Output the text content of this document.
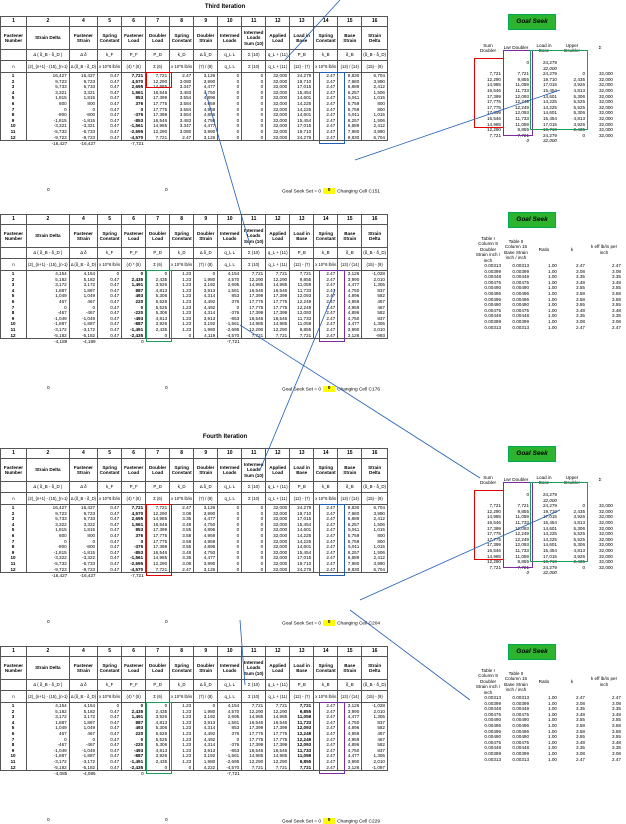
Third Iteration
1	2	4	5	6	7	8	9	10	11	12	13	14	15	16
Fastener Number	Strain Delta	Fastener Strain	Spring Constant	Fastener Load	Doubler Load	Spring Constant	Doubler Strain	Intermed Loads	Intermed Loads Sum (10)	Applied Load	Load in Base	Spring Constant	Base Strain	Strain Delta
	Δ ( δ_B - δ_D )	Δ δ	k_F	P_F	P_D	k_D	Δ δ_D	q_L L	Σ (10)	q_L + (11)	P_B	k_B	δ_B	(δ_B - δ_D)
n	(2)_{n+1} - (15)_{n-1}	Δ (δ_B - δ_D)	x 10^6 lb/in	(4) * (5)	Σ (6)	x 10^6 lb/in	(7) / (8)	q_L L	Σ (10)	q_L + (11)	(12) - (7)	x 10^6 lb/in	(13) / (14)	(15) - (9)
1	16,427	16,427	0.47	7,721	7,721	2.47	3,126	0	0	32,000	24,279	2.47	9,830	6,704
2	9,723	9,723	0.47	4,570	12,290	3.080	3,990	0	0	32,000	19,710	2.47	7,980	3,990
3	5,733	5,733	0.47	2,695	14,985	3.347	4,477	0	0	32,000	17,015	2.47	6,889	2,412
4	3,321	3,321	0.47	1,561	16,546	3.483	4,750	0	0	32,000	15,454	2.47	6,257	1,506
5	1,815	1,815	0.47	853	17,399	3.554	4,896	0	0	32,000	14,601	2.47	5,911	1,015
6	800	800	0.47	376	17,775	3.584	4,959	0	0	32,000	14,225	2.47	5,759	800
7	0	0	0.47	0	17,775	3.584	4,959	0	0	32,000	14,225	2.47	5,759	800
8	-800	-800	0.47	-376	17,399	3.554	4,896	0	0	32,000	14,601	2.47	5,911	1,015
9	-1,815	-1,815	0.47	-853	16,546	3.483	4,750	0	0	32,000	15,454	2.47	6,257	1,506
10	-3,321	-3,321	0.47	-1,561	14,985	3.347	4,477	0	0	32,000	17,015	2.47	6,889	2,412
11	-5,733	-5,733	0.47	-2,695	12,290	3.080	3,990	0	0	32,000	19,710	2.47	7,980	3,990
12	-9,723	-9,723	0.47	-4,570	7,721	2.47	3,126	0	0	32,000	24,279	2.47	9,830	6,704
	-16,427	-16,427		-7,721										
0	0	Goal Seek Set = 0 0 Changing Cell C151
Goal Seek
Sum Doubler	Lwr Doubler	Load in Base	Upper Doubler	Σ
	0	24,279		
		32,000		
7,721	7,721	24,279	0	32,000
12,290	9,855	19,710	2,435	32,000
14,985	11,059	17,015	3,926	32,000
16,546	11,733	15,454	4,813	32,000
17,399	12,093	14,601	5,306	32,000
17,775	12,249	14,225	5,525	32,000
17,775	12,249	14,225	5,525	32,000
17,399	12,093	14,601	5,306	32,000
16,546	11,733	15,454	4,813	32,000
14,985	11,059	17,015	3,926	32,000
12,290	9,855	19,710	2,435	32,000
7,721	7,721	24,279	0	32,000
	0	32,000		
1	2	4	5	6	7	8	9	10	11	12	13	14	15	16
Fastener Number	Strain Delta	Fastener Strain	Spring Constant	Fastener Load	Doubler Load	Spring Constant	Doubler Strain	Intermed Loads	Intermed Loads Sum (10)	Applied Load	Load in Base	Spring Constant	Base Strain	Strain Delta
	Δ ( δ_B - δ_D )	Δ δ	k_F	P_F	P_D	k_D	Δ δ_D	q_L L	Σ (10)	q_L + (11)	P_B	k_B	δ_B	(δ_B - δ_D)
n	(2)_{n+1} - (15)_{n-1}	Δ (δ_B - δ_D)	x 10^6 lb/in	(4) * (5)	Σ (6)	x 10^6 lb/in	(7) / (8)	q_L L	Σ (10)	q_L + (11)	(12) - (7)	x 10^6 lb/in	(13) / (14)	(15) - (9)
1	4,154	4,154	0	0	0	1.23	0	4,154	7,721	7,721	7,721	2.47	3,126	-1,028
2	5,182	5,182	0.47	2,435	2,435	1.23	1,980	4,570	12,290	12,290	9,855	2.47	3,990	2,010
3	3,172	3,172	0.47	1,491	3,926	1.23	3,192	2,695	14,985	14,985	11,059	2.47	4,477	1,305
4	1,887	1,887	0.47	887	4,813	1.23	3,913	1,561	16,546	16,546	11,733	2.47	4,750	837
5	1,049	1,049	0.47	493	5,306	1.23	4,314	853	17,399	17,399	12,093	2.47	4,896	582
6	467	467	0.47	220	5,525	1.23	4,492	376	17,775	17,775	12,249	2.47	4,959	467
7	0	0	0.47	0	5,525	1.23	4,492	0	17,775	17,775	12,249	2.47	4,959	467
8	-467	-467	0.47	-220	5,306	1.23	4,314	-376	17,399	17,399	12,093	2.47	4,896	582
9	-1,049	-1,049	0.47	-493	4,813	1.23	3,913	-853	16,546	16,546	11,733	2.47	4,750	837
10	-1,887	-1,887	0.47	-887	3,926	1.23	3,192	-1,561	14,985	14,985	11,059	2.47	4,477	1,305
11	-3,172	-3,172	0.47	-1,491	2,435	1.23	1,980	-2,695	12,290	12,290	9,855	2.47	3,990	2,010
12	-5,182	-5,182	0.47	-2,435	0	0	4,119	-4,570	7,721	7,721	7,721	2.47	3,126	-993
	-4,189	-4,189		0				-7,721						
0	0	Goal Seek Set = 0 0 Changing Cell C176
Goal Seek
Table I Column 9 Doubler Strain inch / inch	Table II Column 15 Base Strain inch / inch	Ratio	k	k eff lb/in per inch
0.00313	0.00313	1.00	2.47	2.47
0.00399	0.00399	1.00	3.08	3.08
0.00448	0.00448	1.00	3.35	3.35
0.00475	0.00475	1.00	3.48	3.48
0.00490	0.00490	1.00	3.55	3.55
0.00496	0.00496	1.00	3.58	3.58
0.00496	0.00496	1.00	3.58	3.58
0.00490	0.00490	1.00	3.55	3.55
0.00475	0.00475	1.00	3.48	3.48
0.00448	0.00448	1.00	3.35	3.35
0.00399	0.00399	1.00	3.08	3.08
0.00313	0.00313	1.00	2.47	2.47
Fourth Iteration
1	2	4	5	6	7	8	9	10	11	12	13	14	15	16
Fastener Number	Strain Delta	Fastener Strain	Spring Constant	Fastener Load	Doubler Load	Spring Constant	Doubler Strain	Intermed Loads	Intermed Loads Sum (10)	Applied Load	Load in Base	Spring Constant	Base Strain	Strain Delta
	Δ ( δ_B - δ_D )	Δ δ	k_F	P_F	P_D	k_D	Δ δ_D	q_L L	Σ (10)	q_L + (11)	P_B	k_B	δ_B	(δ_B - δ_D)
n	(2)_{n+1} - (15)_{n-1}	Δ (δ_B - δ_D)	x 10^6 lb/in	(4) * (5)	Σ (6)	x 10^6 lb/in	(7) / (8)	q_L L	Σ (10)	q_L + (11)	(12) - (7)	x 10^6 lb/in	(13) / (14)	(15) - (9)
1	16,427	16,427	0.47	7,721	7,721	2.47	3,126	0	0	32,000	24,279	2.47	9,830	6,704
2	9,723	9,723	0.47	4,570	12,290	3.08	3,990	0	0	32,000	19,710	2.47	7,980	3,990
3	5,733	5,733	0.47	2,695	14,985	3.35	4,477	0	0	32,000	17,015	2.47	6,889	2,412
4	3,322	3,322	0.47	1,561	16,546	3.48	4,750	0	0	32,000	15,454	2.47	6,257	1,506
5	1,815	1,815	0.47	853	17,399	3.55	4,896	0	0	32,000	14,601	2.47	5,911	1,015
6	800	800	0.47	376	17,775	3.58	4,959	0	0	32,000	14,225	2.47	5,759	800
7	0	0	0.47	0	17,775	3.58	4,959	0	0	32,000	14,225	2.47	5,759	800
8	-800	-800	0.47	-376	17,399	3.55	4,896	0	0	32,000	14,601	2.47	5,911	1,015
9	-1,815	-1,815	0.47	-853	16,546	3.48	4,750	0	0	32,000	15,454	2.47	6,257	1,506
10	-3,322	-3,322	0.47	-1,561	14,985	3.35	4,477	0	0	32,000	17,015	2.47	6,889	2,412
11	-5,733	-5,733	0.47	-2,695	12,290	3.08	3,990	0	0	32,000	19,710	2.47	7,980	3,990
12	-9,723	-9,723	0.47	-4,570	7,721	2.47	3,126	0	0	32,000	24,279	2.47	9,830	6,704
	-16,427	-16,427		-7,721										
0	0	Goal Seek Set = 0 0 Changing Cell C204
Goal Seek
Sum Doubler	Lwr Doubler	Load in Base	Upper Doubler	Σ
	0	24,279		
		32,000		
7,721	7,721	24,279	0	32,000
12,290	9,855	19,710	2,435	32,000
14,985	11,059	17,015	3,926	32,000
16,546	11,733	15,454	4,813	32,000
17,399	12,093	14,601	5,306	32,000
17,775	12,249	14,225	5,525	32,000
17,775	12,249	14,225	5,525	32,000
17,399	12,093	14,601	5,306	32,000
16,546	11,733	15,454	4,813	32,000
14,985	11,059	17,015	3,926	32,000
12,290	9,855	19,710	2,435	32,000
7,721	7,721	24,279	0	32,000
	0	32,000		
1	2	4	5	6	7	8	9	10	11	12	13	14	15	16
Fastener Number	Strain Delta	Fastener Strain	Spring Constant	Fastener Load	Doubler Load	Spring Constant	Doubler Strain	Intermed Loads	Intermed Loads Sum (10)	Applied Load	Load in Base	Spring Constant	Base Strain	Strain Delta
	Δ ( δ_B - δ_D )	Δ δ	k_F	P_F	P_D	k_D	Δ δ_D	q_L L	Σ (10)	q_L + (11)	P_B	k_B	δ_B	(δ_B - δ_D)
n	(2)_{n+1} - (15)_{n-1}	Δ (δ_B - δ_D)	x 10^6 lb/in	(4) * (5)	Σ (6)	x 10^6 lb/in	(7) / (8)	q_L L	Σ (10)	q_L + (11)	(12) - (7)	x 10^6 lb/in	(13) / (14)	(15) - (9)
1	4,154	4,154	0	0	0	1.23	0	4,154	7,721	7,721	7,721	2.47	3,126	-1,028
2	5,182	5,182	0.47	2,435	2,435	1.23	1,980	4,570	12,290	12,290	9,855	2.47	3,990	2,010
3	3,172	3,172	0.47	1,491	3,926	1.23	3,192	2,695	14,985	14,985	11,059	2.47	4,477	1,305
4	1,887	1,887	0.47	887	4,813	1.23	3,913	1,561	16,546	16,546	11,733	2.47	4,750	837
5	1,049	1,049	0.47	493	5,306	1.23	4,314	853	17,399	17,399	12,093	2.47	4,896	582
6	467	467	0.47	220	5,525	1.23	4,492	376	17,775	17,775	12,249	2.47	4,959	467
7	0	0	0.47	0	5,525	1.23	4,492	0	17,775	17,775	12,249	2.47	4,959	467
8	-467	-467	0.47	-220	5,306	1.23	4,314	-376	17,399	17,399	12,093	2.47	4,896	582
9	-1,049	-1,049	0.47	-493	4,813	1.23	3,913	-853	16,546	16,546	11,733	2.47	4,750	837
10	-1,887	-1,887	0.47	-887	3,926	1.23	3,192	-1,561	14,985	14,985	11,059	2.47	4,477	1,305
11	-3,172	-3,172	0.47	-1,491	2,435	1.23	1,980	-2,695	12,290	12,290	9,855	2.47	3,990	2,010
12	-5,182	-5,182	0.47	-2,435	0	0	4,222	-4,570	7,721	7,721	7,721	2.47	3,126	-1,097
	-4,085	-4,085		0				-7,721						
0	0	Goal Seek Set = 0 0 Changing Cell C229
Goal Seek
Table I Column 9 Doubler Strain inch / inch	Table II Column 15 Base Strain inch / inch	Ratio	k	k eff lb/in per inch
0.00313	0.00313	1.00	2.47	2.47
0.00399	0.00399	1.00	3.08	3.08
0.00448	0.00448	1.00	3.35	3.35
0.00475	0.00475	1.00	3.48	3.48
0.00490	0.00490	1.00	3.55	3.55
0.00496	0.00496	1.00	3.58	3.58
0.00496	0.00496	1.00	3.58	3.58
0.00490	0.00490	1.00	3.55	3.55
0.00475	0.00475	1.00	3.48	3.48
0.00448	0.00448	1.00	3.35	3.35
0.00399	0.00399	1.00	3.08	3.08
0.00313	0.00313	1.00	2.47	2.47
